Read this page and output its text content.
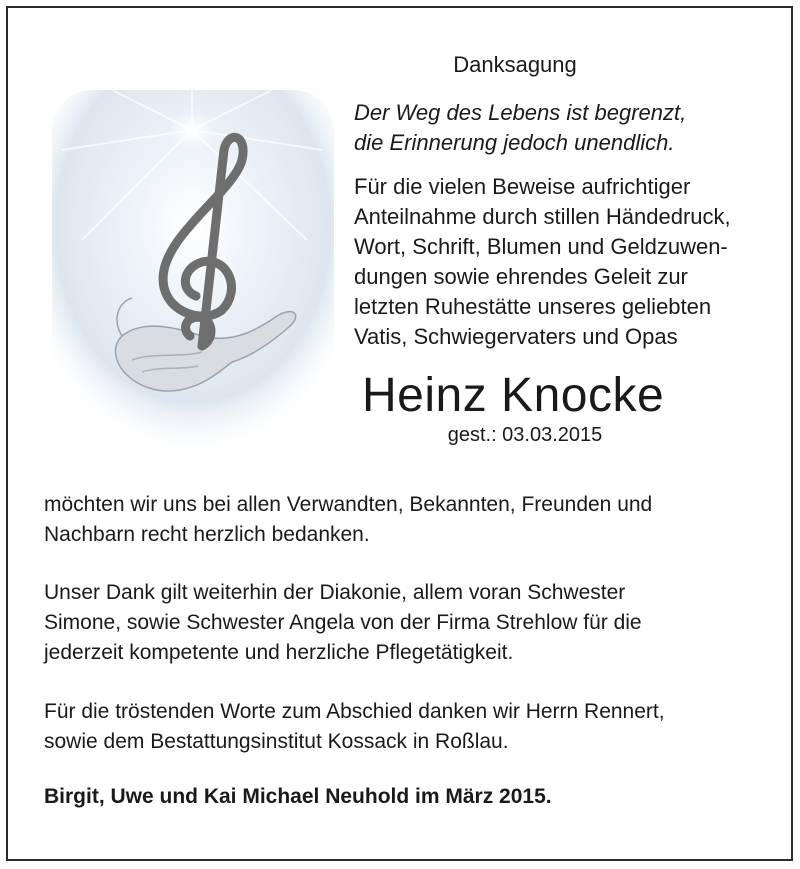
Danksagung
Der Weg des Lebens ist begrenzt,
die Erinnerung jedoch unendlich.
Für die vielen Beweise aufrichtiger
Anteilnahme durch stillen Händedruck,
Wort, Schrift, Blumen und Geldzuwen-
dungen sowie ehrendes Geleit zur
letzten Ruhestätte unseres geliebten
Vatis, Schwiegervaters und Opas
Heinz Knocke
gest.: 03.03.2015
möchten wir uns bei allen Verwandten, Bekannten, Freunden und
Nachbarn recht herzlich bedanken.
Unser Dank gilt weiterhin der Diakonie, allem voran Schwester
Simone, sowie Schwester Angela von der Firma Strehlow für die
jederzeit kompetente und herzliche Pflegetätigkeit.
Für die tröstenden Worte zum Abschied danken wir Herrn Rennert,
sowie dem Bestattungsinstitut Kossack in Roßlau.
Birgit, Uwe und Kai Michael Neuhold im März 2015.
